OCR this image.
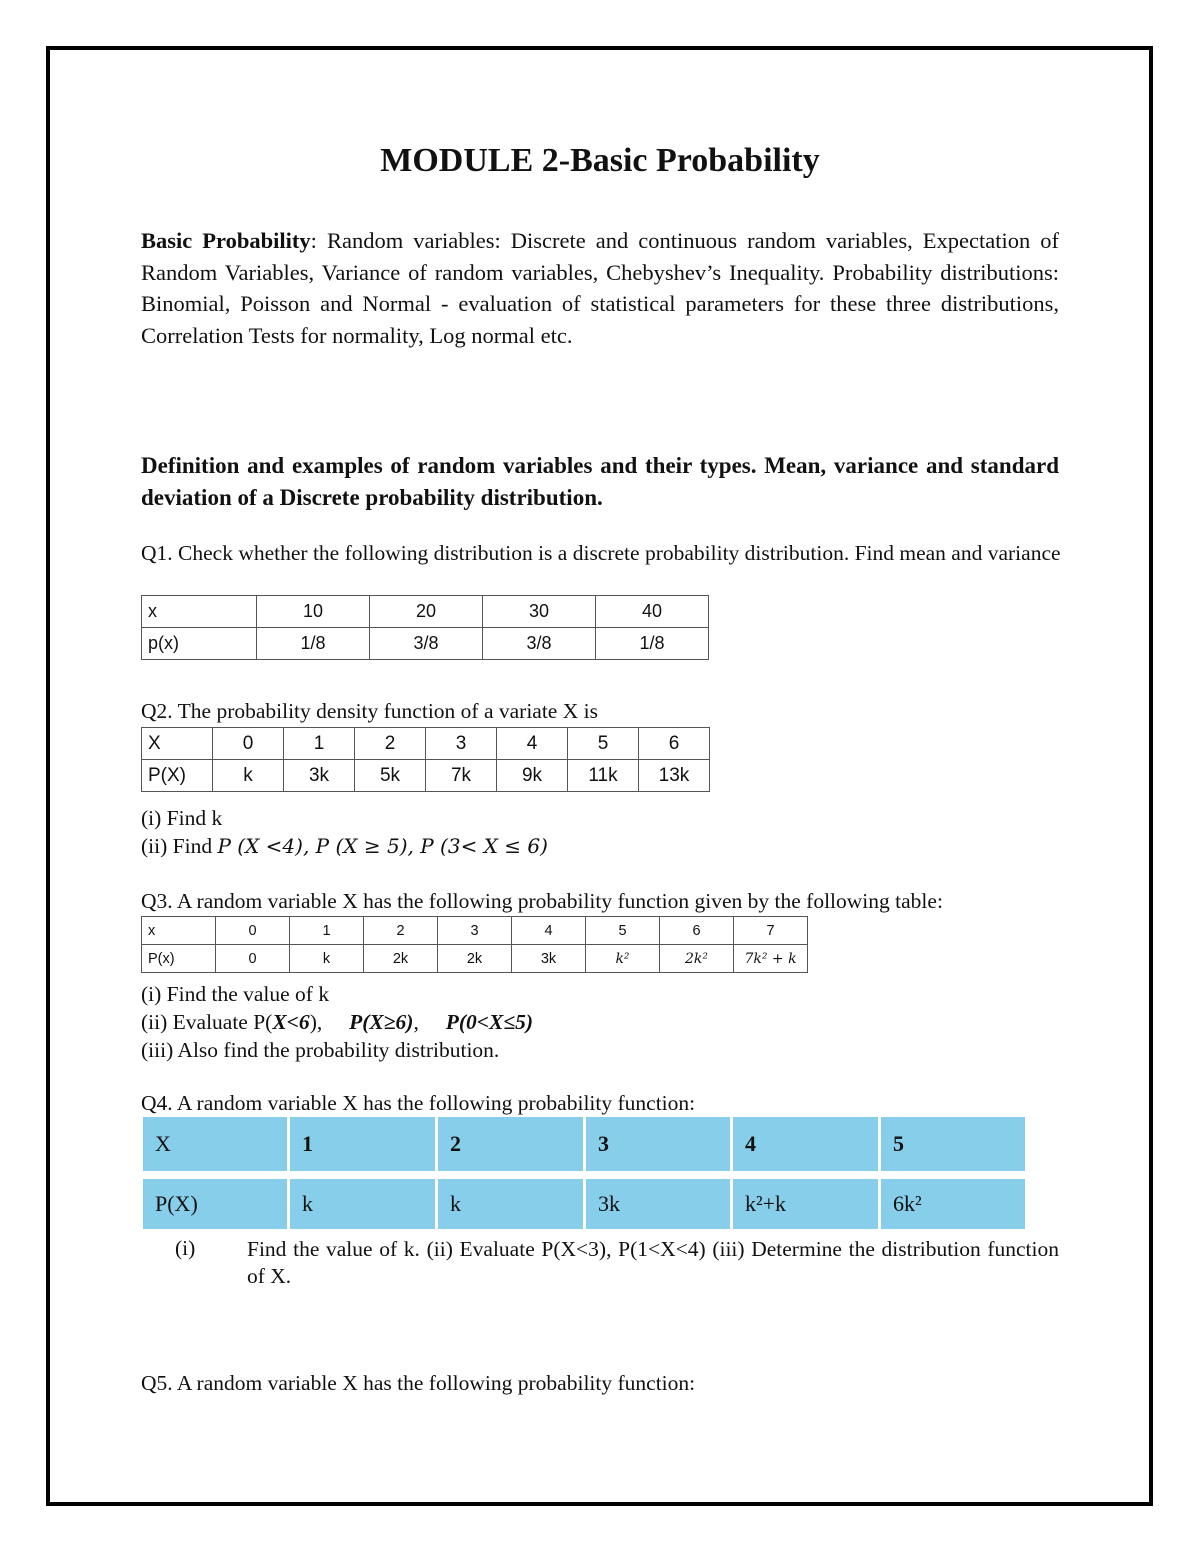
MODULE 2-Basic Probability

Basic Probability: Random variables: Discrete and continuous random variables, Expectation of Random Variables, Variance of random variables, Chebyshev’s Inequality. Probability distributions: Binomial, Poisson and Normal - evaluation of statistical parameters for these three distributions, Correlation Tests for normality, Log normal etc.

Definition and examples of random variables and their types. Mean, variance and standard deviation of a Discrete probability distribution.

Q1. Check whether the following distribution is a discrete probability distribution. Find mean and variance

x	10	20	30	40
p(x)	1/8	3/8	3/8	1/8

Q2. The probability density function of a variate X is

X	0	1	2	3	4	5	6
P(X)	k	3k	5k	7k	9k	11k	13k

(i) Find k

(ii) Find P (X <4), P (X ≥ 5), P (3< X ≤ 6)

Q3. A random variable X has the following probability function given by the following table:

x	0	1	2	3	4	5	6	7
P(x)	0	k	2k	2k	3k	k²	2k²	7k² + k

(i) Find the value of k

(ii) Evaluate P(X<6),     P(X≥6),     P(0<X≤5)

(iii) Also find the probability distribution.

Q4. A random variable X has the following probability function:

X	1	2	3	4	5
P(X)	k	k	3k	k²+k	6k²
(i) Find the value of k. (ii) Evaluate P(X<3), P(1<X<4) (iii) Determine the distribution function of X.

Q5. A random variable X has the following probability function:
